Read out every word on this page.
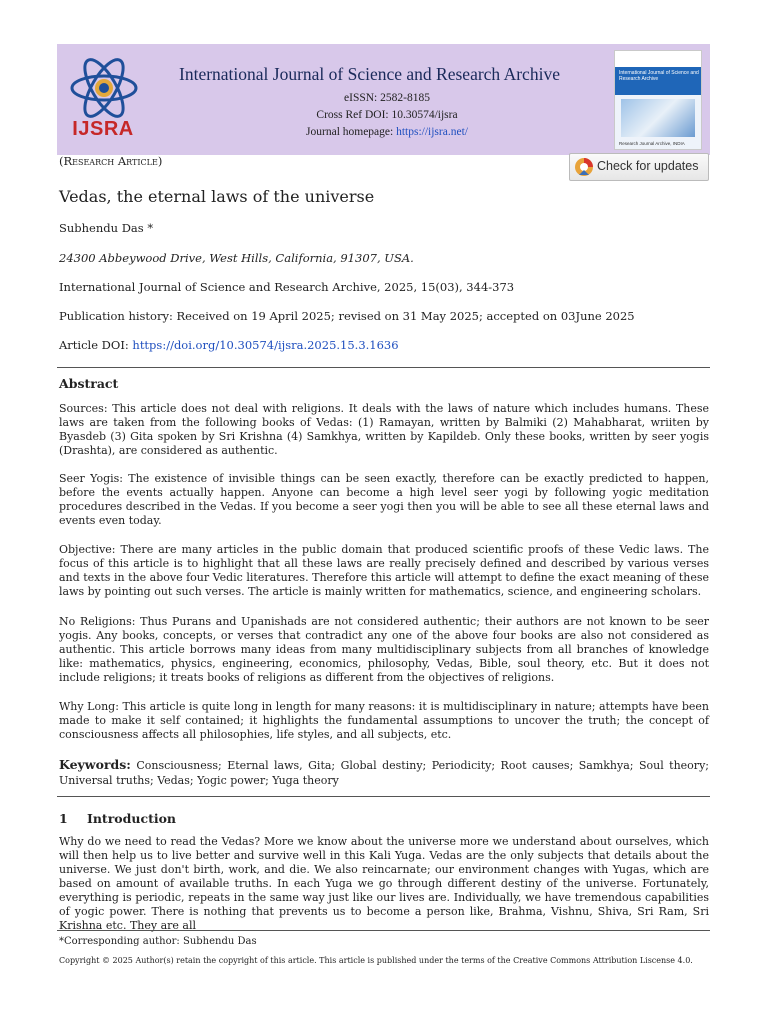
IJSRA
International Journal of Science and Research Archive
eISSN: 2582-8185
Cross Ref DOI: 10.30574/ijsra
Journal homepage: https://ijsra.net/
International Journal of Science and Research Archive
Research Journal Archive, INDIA
(Research Article)	Check for updates
Vedas, the eternal laws of the universe
Subhendu Das *
24300 Abbeywood Drive, West Hills, California, 91307, USA.
International Journal of Science and Research Archive, 2025, 15(03), 344-373
Publication history: Received on 19 April 2025; revised on 31 May 2025; accepted on 03June 2025
Article DOI: https://doi.org/10.30574/ijsra.2025.15.3.1636
Abstract

Sources: This article does not deal with religions. It deals with the laws of nature which includes humans. These laws are taken from the following books of Vedas: (1) Ramayan, written by Balmiki (2) Mahabharat, wriiten by Byasdeb (3) Gita spoken by Sri Krishna (4) Samkhya, written by Kapildeb. Only these books, written by seer yogis (Drashta), are considered as authentic.

Seer Yogis: The existence of invisible things can be seen exactly, therefore can be exactly predicted to happen, before the events actually happen. Anyone can become a high level seer yogi by following yogic meditation procedures described in the Vedas. If you become a seer yogi then you will be able to see all these eternal laws and events even today.

Objective: There are many articles in the public domain that produced scientific proofs of these Vedic laws. The focus of this article is to highlight that all these laws are really precisely defined and described by various verses and texts in the above four Vedic literatures. Therefore this article will attempt to define the exact meaning of these laws by pointing out such verses. The article is mainly written for mathematics, science, and engineering scholars.

No Religions: Thus Purans and Upanishads are not considered authentic; their authors are not known to be seer yogis. Any books, concepts, or verses that contradict any one of the above four books are also not considered as authentic. This article borrows many ideas from many multidisciplinary subjects from all branches of knowledge like: mathematics, physics, engineering, economics, philosophy, Vedas, Bible, soul theory, etc. But it does not include religions; it treats books of religions as different from the objectives of religions.

Why Long: This article is quite long in length for many reasons: it is multidisciplinary in nature; attempts have been made to make it self contained; it highlights the fundamental assumptions to uncover the truth; the concept of consciousness affects all philosophies, life styles, and all subjects, etc.

Keywords: Consciousness; Eternal laws, Gita; Global destiny; Periodicity; Root causes; Samkhya; Soul theory; Universal truths; Vedas; Yogic power; Yuga theory
1 Introduction

Why do we need to read the Vedas? More we know about the universe more we understand about ourselves, which will then help us to live better and survive well in this Kali Yuga. Vedas are the only subjects that details about the universe. We just don't birth, work, and die. We also reincarnate; our environment changes with Yugas, which are based on amount of available truths. In each Yuga we go through different destiny of the universe. Fortunately, everything is periodic, repeats in the same way just like our lives are. Individually, we have tremendous capabilities of yogic power. There is nothing that prevents us to become a person like, Brahma, Vishnu, Shiva, Sri Ram, Sri Krishna etc. They are all

*Corresponding author: Subhendu Das
Copyright © 2025 Author(s) retain the copyright of this article. This article is published under the terms of the Creative Commons Attribution Liscense 4.0.
